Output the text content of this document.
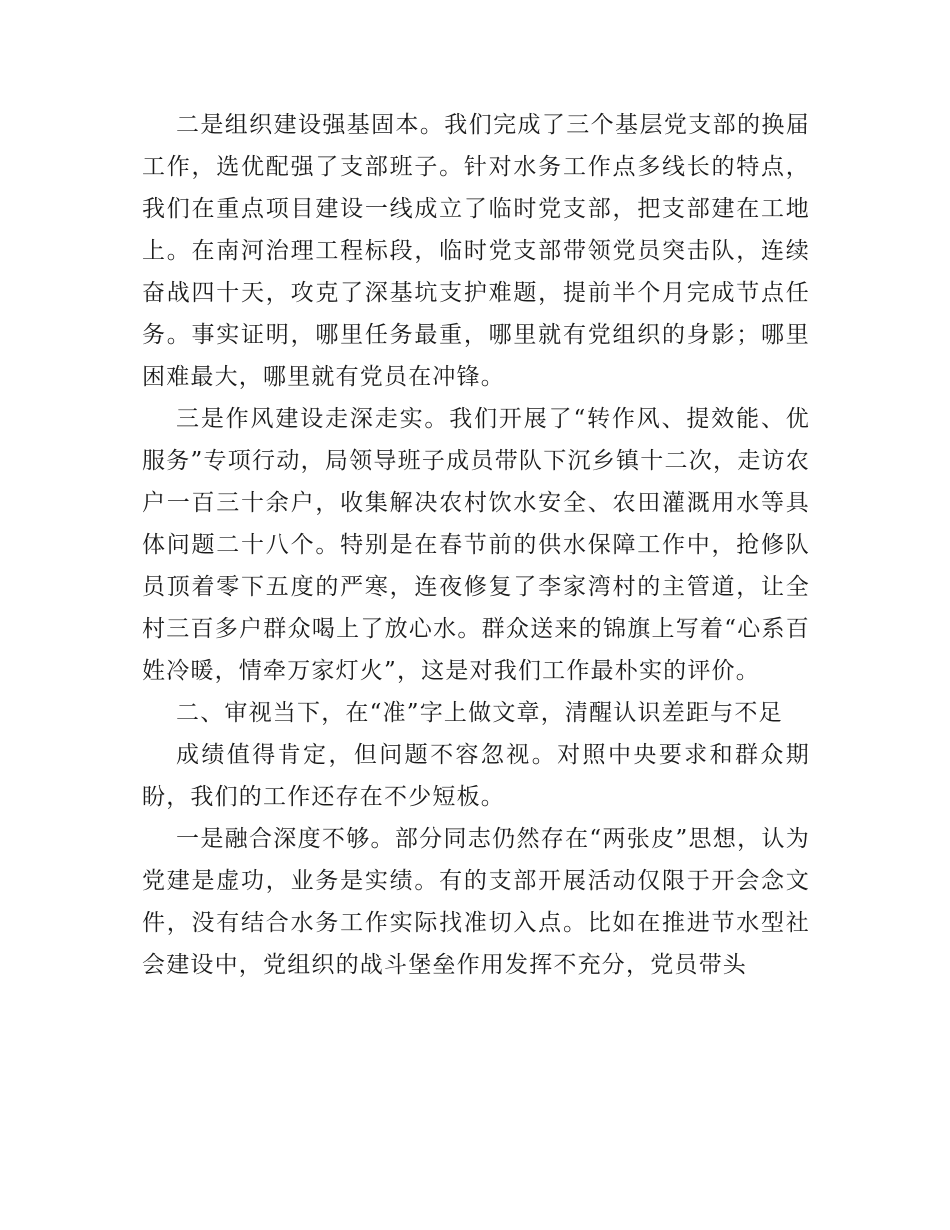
二是组织建设强基固本。我们完成了三个基层党支部的换届工作，选优配强了支部班子。针对水务工作点多线长的特点，我们在重点项目建设一线成立了临时党支部，把支部建在工地上。在南河治理工程标段，临时党支部带领党员突击队，连续奋战四十天，攻克了深基坑支护难题，提前半个月完成节点任务。事实证明，哪里任务最重，哪里就有党组织的身影；哪里困难最大，哪里就有党员在冲锋。

三是作风建设走深走实。我们开展了“转作风、提效能、优服务”专项行动，局领导班子成员带队下沉乡镇十二次，走访农户一百三十余户，收集解决农村饮水安全、农田灌溉用水等具体问题二十八个。特别是在春节前的供水保障工作中，抢修队员顶着零下五度的严寒，连夜修复了李家湾村的主管道，让全村三百多户群众喝上了放心水。群众送来的锦旗上写着“心系百姓冷暖，情牵万家灯火”，这是对我们工作最朴实的评价。

二、审视当下，在“准”字上做文章，清醒认识差距与不足

成绩值得肯定，但问题不容忽视。对照中央要求和群众期盼，我们的工作还存在不少短板。

一是融合深度不够。部分同志仍然存在“两张皮”思想，认为党建是虚功，业务是实绩。有的支部开展活动仅限于开会念文件，没有结合水务工作实际找准切入点。比如在推进节水型社会建设中，党组织的战斗堡垒作用发挥不充分，党员带头
